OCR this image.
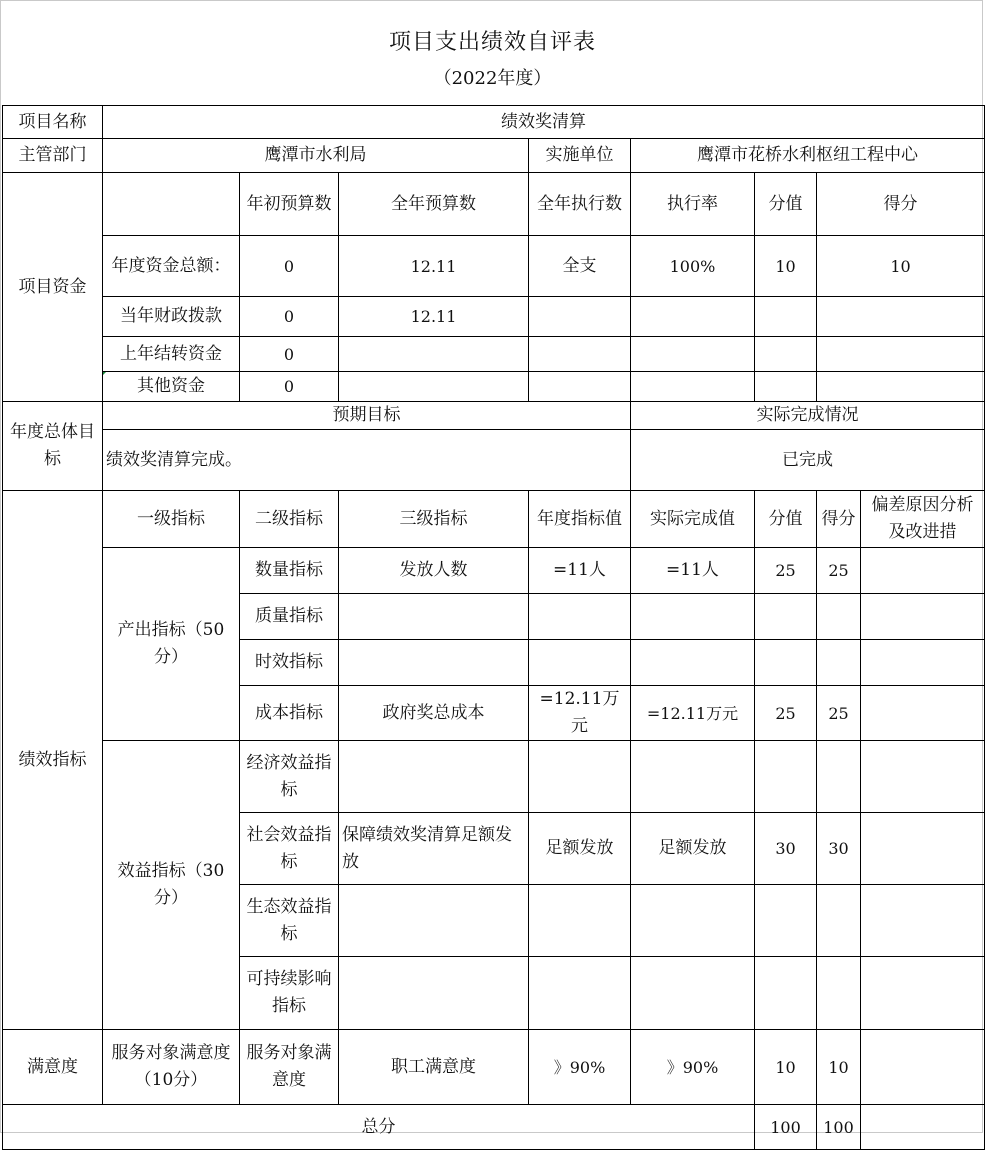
项目支出绩效自评表
（2022年度）
项目名称	绩效奖清算							
主管部门	鹰潭市水利局			实施单位	鹰潭市花桥水利枢纽工程中心			
项目资金		年初预算数	全年预算数	全年执行数	执行率	分值	得分	
	年度资金总额：	0	12.11	全支	100%	10	10	
	当年财政拨款	0	12.11					
	上年结转资金	0						

其他资金	0						
年度总体目标	预期目标				实际完成情况			
	绩效奖清算完成。				已完成			
绩效指标	一级指标	二级指标	三级指标	年度指标值	实际完成值	分值	得分	偏差原因分析及改进措
	产出指标（50分）	数量指标	发放人数	=11人	=11人	25	25	
		质量指标						
		时效指标						
		成本指标	政府奖总成本	=12.11万元	=12.11万元	25	25	
	效益指标（30分）	经济效益指标						
		社会效益指标	保障绩效奖清算足额发放	足额发放	足额发放	30	30	
		生态效益指标						
		可持续影响指标						
满意度	服务对象满意度（10分）	服务对象满意度	职工满意度	》90%	》90%	10	10	
总分						100	100	
